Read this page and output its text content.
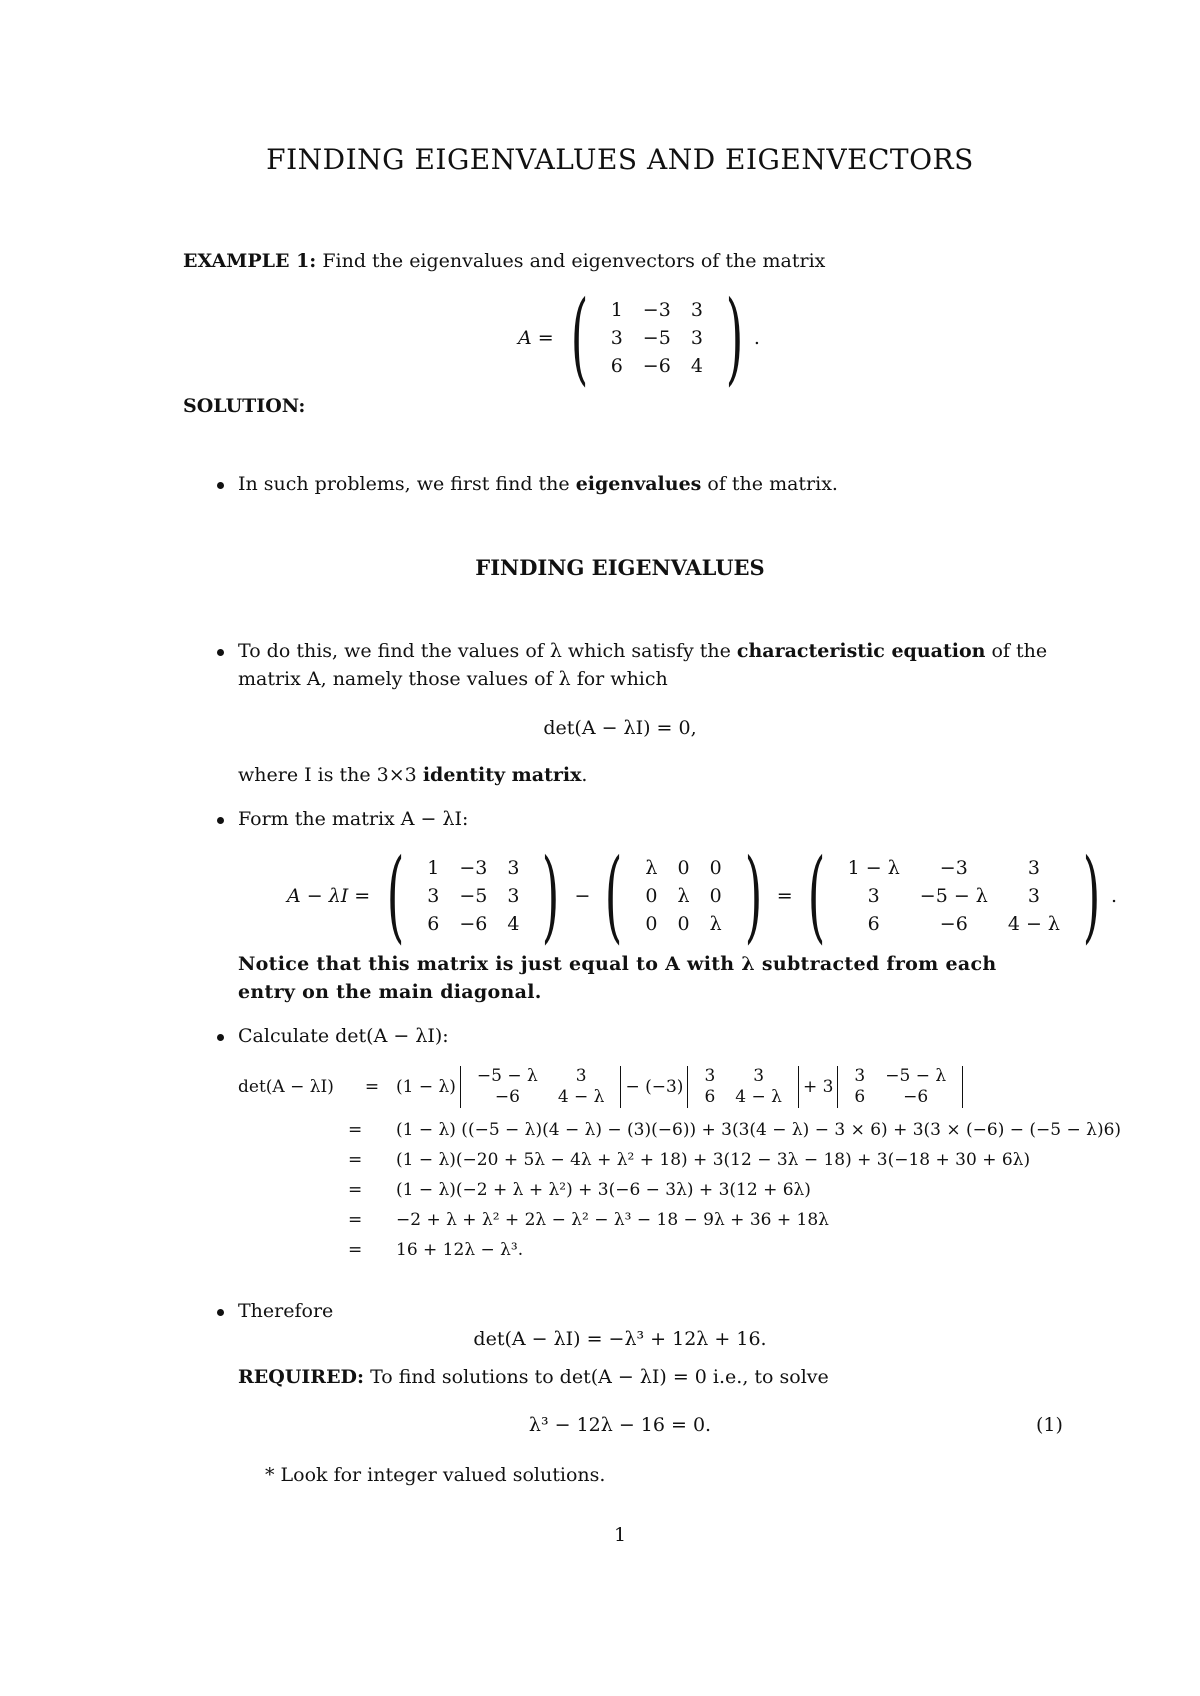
FINDING EIGENVALUES AND EIGENVECTORS
EXAMPLE 1: Find the eigenvalues and eigenvectors of the matrix
A = ( 1	−3	3
3	−5	3
6	−6	4 ) .
SOLUTION:
In such problems, we first find the eigenvalues of the matrix.
FINDING EIGENVALUES
To do this, we find the values of λ which satisfy the characteristic equation of the
matrix A, namely those values of λ for which
det(A − λI) = 0,
where I is the 3×3 identity matrix.
Form the matrix A − λI:
A − λI = ( 1	−3	3
3	−5	3
6	−6	4 ) − ( λ	0	0
0	λ	0
0	0	λ ) = ( 1 − λ	−3	3
3	−5 − λ	3
6	−6	4 − λ ) .
Notice that this matrix is just equal to A with λ subtracted from each
entry on the main diagonal.
Calculate det(A − λI):
det(A − λI)	= (1 − λ)
−5 − λ	3
−6	4 − λ − (−3)
3	3
6	4 − λ + 3
3	−5 − λ
6	−6
= (1 − λ) ((−5 − λ)(4 − λ) − (3)(−6)) + 3(3(4 − λ) − 3 × 6) + 3(3 × (−6) − (−5 − λ)6)
= (1 − λ)(−20 + 5λ − 4λ + λ² + 18) + 3(12 − 3λ − 18) + 3(−18 + 30 + 6λ)
= (1 − λ)(−2 + λ + λ²) + 3(−6 − 3λ) + 3(12 + 6λ)
= −2 + λ + λ² + 2λ − λ² − λ³ − 18 − 9λ + 36 + 18λ
= 16 + 12λ − λ³.
Therefore
det(A − λI) = −λ³ + 12λ + 16.
REQUIRED: To find solutions to det(A − λI) = 0 i.e., to solve
λ³ − 12λ − 16 = 0.	(1)
* Look for integer valued solutions.
1
